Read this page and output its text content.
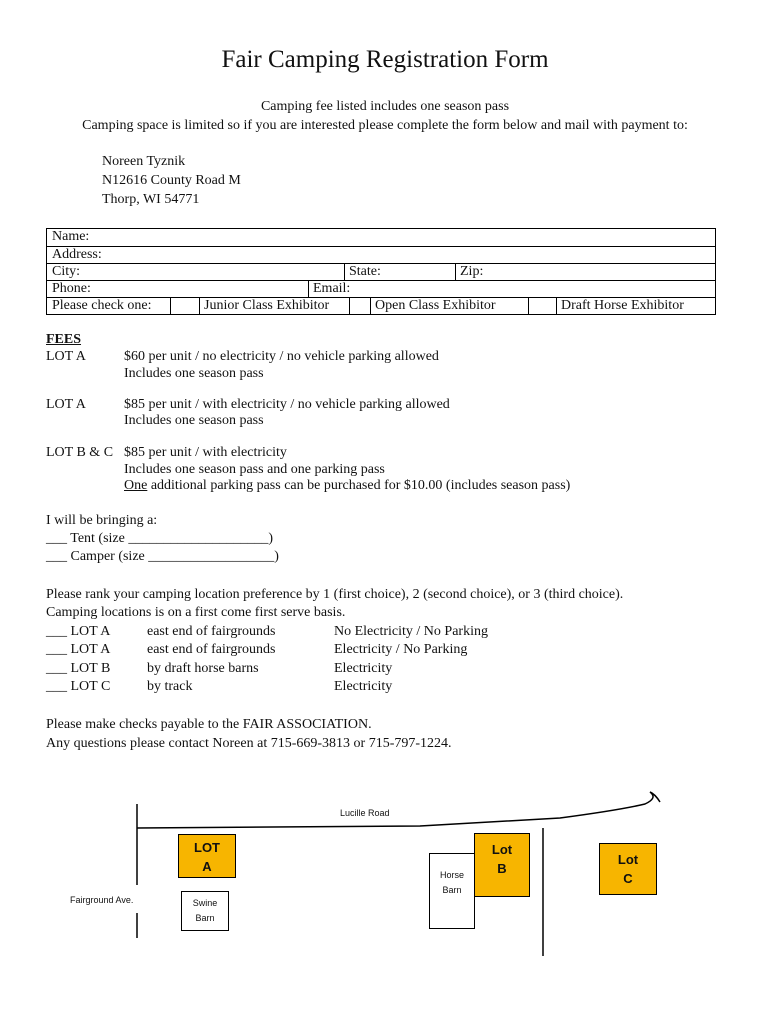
Fair Camping Registration Form
Camping fee listed includes one season pass
Camping space is limited so if you are interested please complete the form below and mail with payment to:
Noreen Tyznik
N12616 County Road M
Thorp, WI 54771
Name:
Address:
City:	State:	Zip:
Phone:	Email:
Please check one:	Junior Class Exhibitor	Open Class Exhibitor	Draft Horse Exhibitor
FEES
LOT A	$60 per unit / no electricity / no vehicle parking allowed
Includes one season pass
LOT A	$85 per unit / with electricity / no vehicle parking allowed
Includes one season pass
LOT B & C $85 per unit / with electricity
Includes one season pass and one parking pass
One additional parking pass can be purchased for $10.00 (includes season pass)
I will be bringing a:
___ Tent (size ____________________)
___ Camper (size __________________)
Please rank your camping location preference by 1 (first choice), 2 (second choice), or 3 (third choice).
Camping locations is on a first come first serve basis.
___ LOT A	east end of fairgrounds	No Electricity / No Parking
___ LOT A	east end of fairgrounds	Electricity / No Parking
___ LOT B	by draft horse barns	Electricity
___ LOT C	by track	Electricity
Please make checks payable to the FAIR ASSOCIATION.
Any questions please contact Noreen at 715-669-3813 or 715-797-1224.
Lucille Road
Fairground Ave.
LOT
A
Swine
Barn
Horse
Barn
Lot
B
Lot
C
